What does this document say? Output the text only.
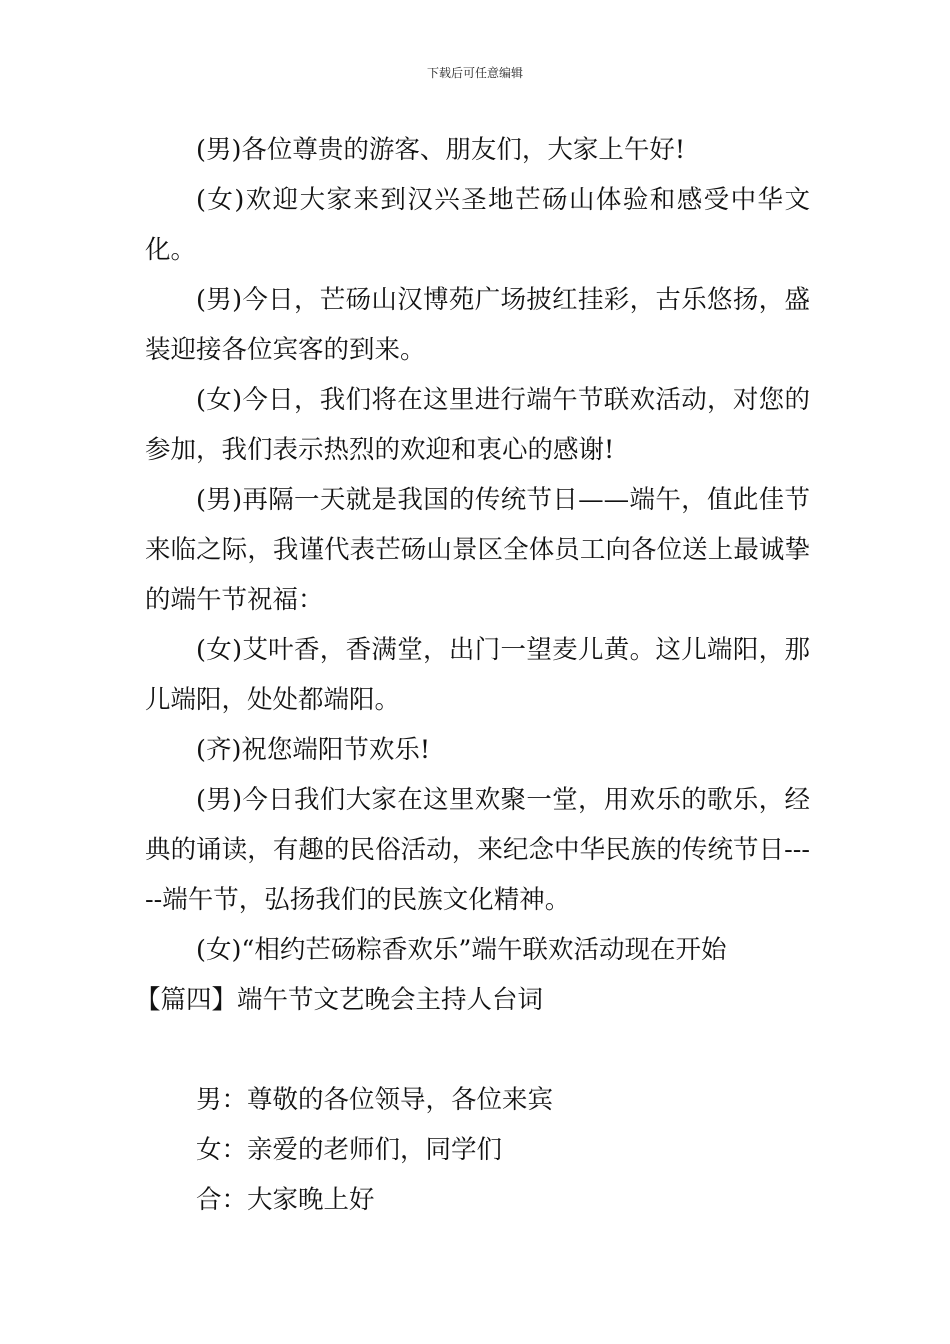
下载后可任意编辑

(男)各位尊贵的游客、朋友们，大家上午好!

(女)欢迎大家来到汉兴圣地芒砀山体验和感受中华文化。

(男)今日，芒砀山汉博苑广场披红挂彩，古乐悠扬，盛装迎接各位宾客的到来。

(女)今日，我们将在这里进行端午节联欢活动，对您的参加，我们表示热烈的欢迎和衷心的感谢!

(男)再隔一天就是我国的传统节日——端午，值此佳节来临之际，我谨代表芒砀山景区全体员工向各位送上最诚挚的端午节祝福：

(女)艾叶香，香满堂，出门一望麦儿黄。这儿端阳，那儿端阳，处处都端阳。

(齐)祝您端阳节欢乐!

(男)今日我们大家在这里欢聚一堂，用欢乐的歌乐，经典的诵读，有趣的民俗活动，来纪念中华民族的传统节日-----端午节，弘扬我们的民族文化精神。

(女)“相约芒砀粽香欢乐”端午联欢活动现在开始

【篇四】端午节文艺晚会主持人台词

男：尊敬的各位领导，各位来宾

女：亲爱的老师们，同学们

合：大家晚上好
